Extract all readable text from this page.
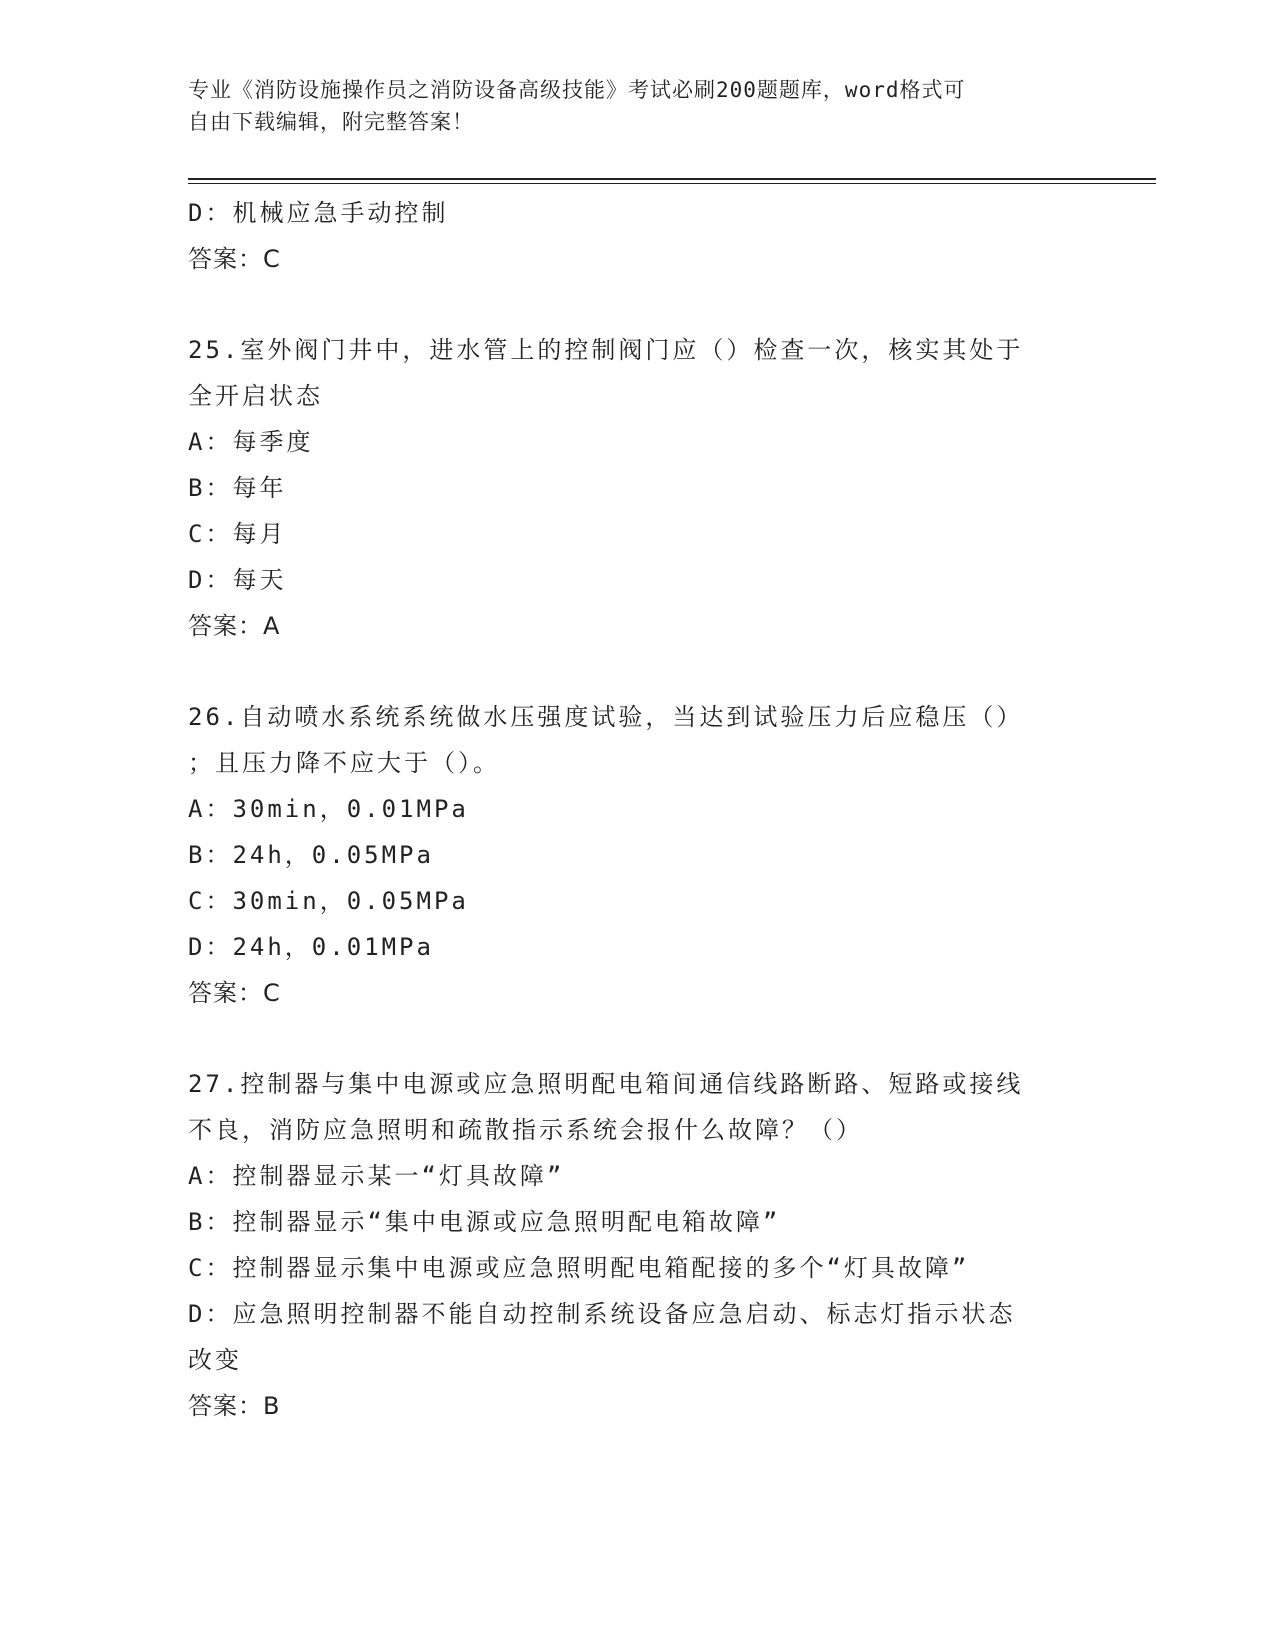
专业《消防设施操作员之消防设备高级技能》考试必刷200题题库，word格式可
自由下载编辑，附完整答案！
D：机械应急手动控制
答案：C
25.室外阀门井中，进水管上的控制阀门应（）检查一次，核实其处于
全开启状态
A：每季度
B：每年
C：每月
D：每天
答案：A
26.自动喷水系统系统做水压强度试验，当达到试验压力后应稳压（）
；且压力降不应大于（）。
A：30min，0.01MPa
B：24h，0.05MPa
C：30min，0.05MPa
D：24h，0.01MPa
答案：C
27.控制器与集中电源或应急照明配电箱间通信线路断路、短路或接线
不良，消防应急照明和疏散指示系统会报什么故障？（）
A：控制器显示某一“灯具故障”
B：控制器显示“集中电源或应急照明配电箱故障”
C：控制器显示集中电源或应急照明配电箱配接的多个“灯具故障”
D：应急照明控制器不能自动控制系统设备应急启动、标志灯指示状态
改变
答案：B
